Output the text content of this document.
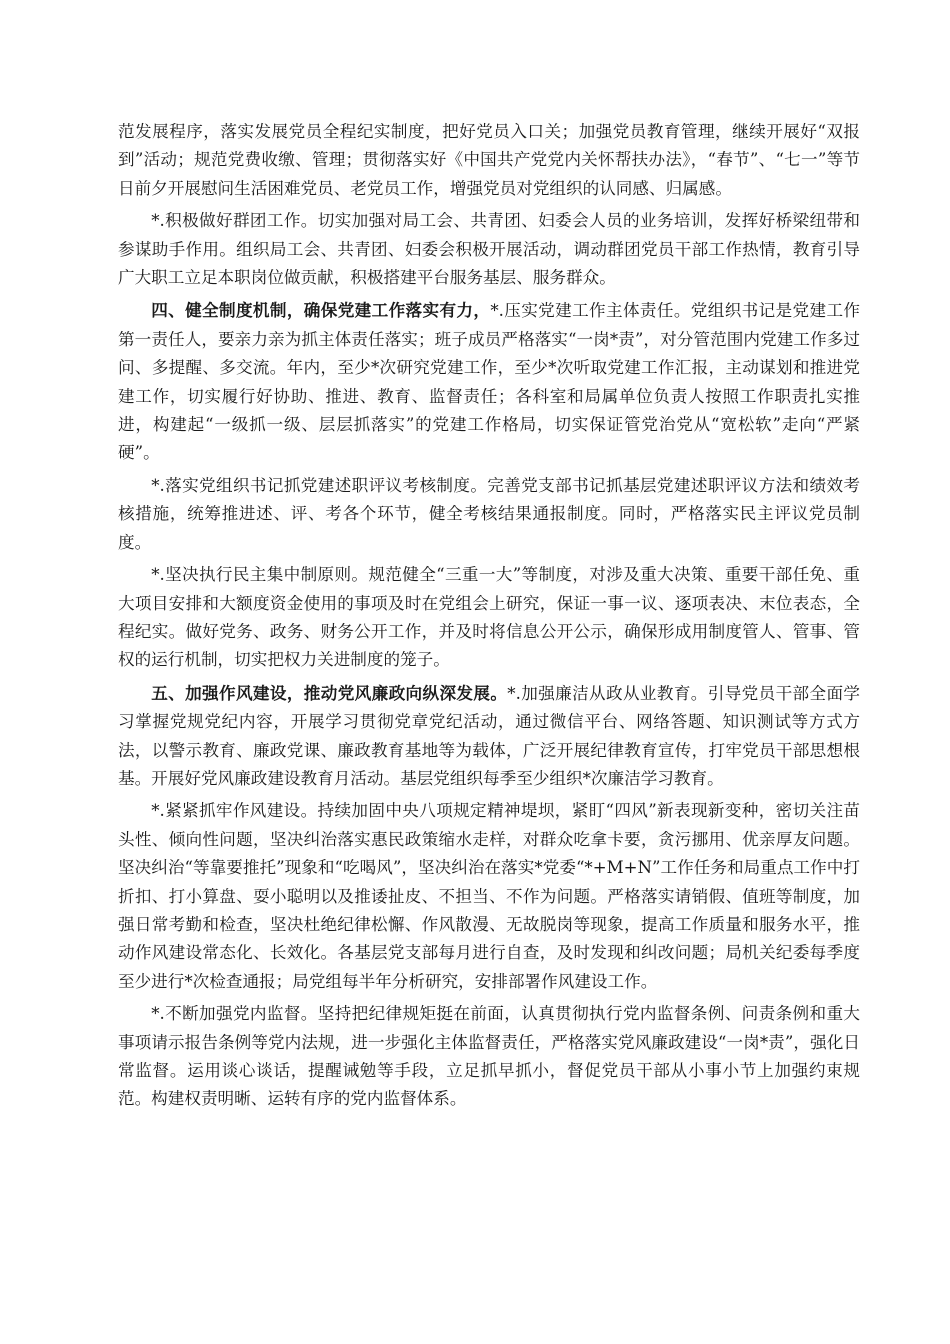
范发展程序，落实发展党员全程纪实制度，把好党员入口关；加强党员教育管理，继续开展好“双报到”活动；规范党费收缴、管理；贯彻落实好《中国共产党党内关怀帮扶办法》，“春节”、“七一”等节日前夕开展慰问生活困难党员、老党员工作，增强党员对党组织的认同感、归属感。

*.积极做好群团工作。切实加强对局工会、共青团、妇委会人员的业务培训，发挥好桥梁纽带和参谋助手作用。组织局工会、共青团、妇委会积极开展活动，调动群团党员干部工作热情，教育引导广大职工立足本职岗位做贡献，积极搭建平台服务基层、服务群众。

四、健全制度机制，确保党建工作落实有力，*.压实党建工作主体责任。党组织书记是党建工作第一责任人，要亲力亲为抓主体责任落实；班子成员严格落实“一岗*责”，对分管范围内党建工作多过问、多提醒、多交流。年内，至少*次研究党建工作，至少*次听取党建工作汇报，主动谋划和推进党建工作，切实履行好协助、推进、教育、监督责任；各科室和局属单位负责人按照工作职责扎实推进，构建起“一级抓一级、层层抓落实”的党建工作格局，切实保证管党治党从“宽松软”走向“严紧硬”。

*.落实党组织书记抓党建述职评议考核制度。完善党支部书记抓基层党建述职评议方法和绩效考核措施，统筹推进述、评、考各个环节，健全考核结果通报制度。同时，严格落实民主评议党员制度。

*.坚决执行民主集中制原则。规范健全“三重一大”等制度，对涉及重大决策、重要干部任免、重大项目安排和大额度资金使用的事项及时在党组会上研究，保证一事一议、逐项表决、末位表态，全程纪实。做好党务、政务、财务公开工作，并及时将信息公开公示，确保形成用制度管人、管事、管权的运行机制，切实把权力关进制度的笼子。

五、加强作风建设，推动党风廉政向纵深发展。*.加强廉洁从政从业教育。引导党员干部全面学习掌握党规党纪内容，开展学习贯彻党章党纪活动，通过微信平台、网络答题、知识测试等方式方法，以警示教育、廉政党课、廉政教育基地等为载体，广泛开展纪律教育宣传，打牢党员干部思想根基。开展好党风廉政建设教育月活动。基层党组织每季至少组织*次廉洁学习教育。

*.紧紧抓牢作风建设。持续加固中央八项规定精神堤坝，紧盯“四风”新表现新变种，密切关注苗头性、倾向性问题，坚决纠治落实惠民政策缩水走样，对群众吃拿卡要，贪污挪用、优亲厚友问题。坚决纠治“等靠要推托”现象和“吃喝风”，坚决纠治在落实*党委“*+M+N”工作任务和局重点工作中打折扣、打小算盘、耍小聪明以及推诿扯皮、不担当、不作为问题。严格落实请销假、值班等制度，加强日常考勤和检查，坚决杜绝纪律松懈、作风散漫、无故脱岗等现象，提高工作质量和服务水平，推动作风建设常态化、长效化。各基层党支部每月进行自查，及时发现和纠改问题；局机关纪委每季度至少进行*次检查通报；局党组每半年分析研究，安排部署作风建设工作。

*.不断加强党内监督。坚持把纪律规矩挺在前面，认真贯彻执行党内监督条例、问责条例和重大事项请示报告条例等党内法规，进一步强化主体监督责任，严格落实党风廉政建设“一岗*责”，强化日常监督。运用谈心谈话，提醒诫勉等手段，立足抓早抓小，督促党员干部从小事小节上加强约束规范。构建权责明晰、运转有序的党内监督体系。
